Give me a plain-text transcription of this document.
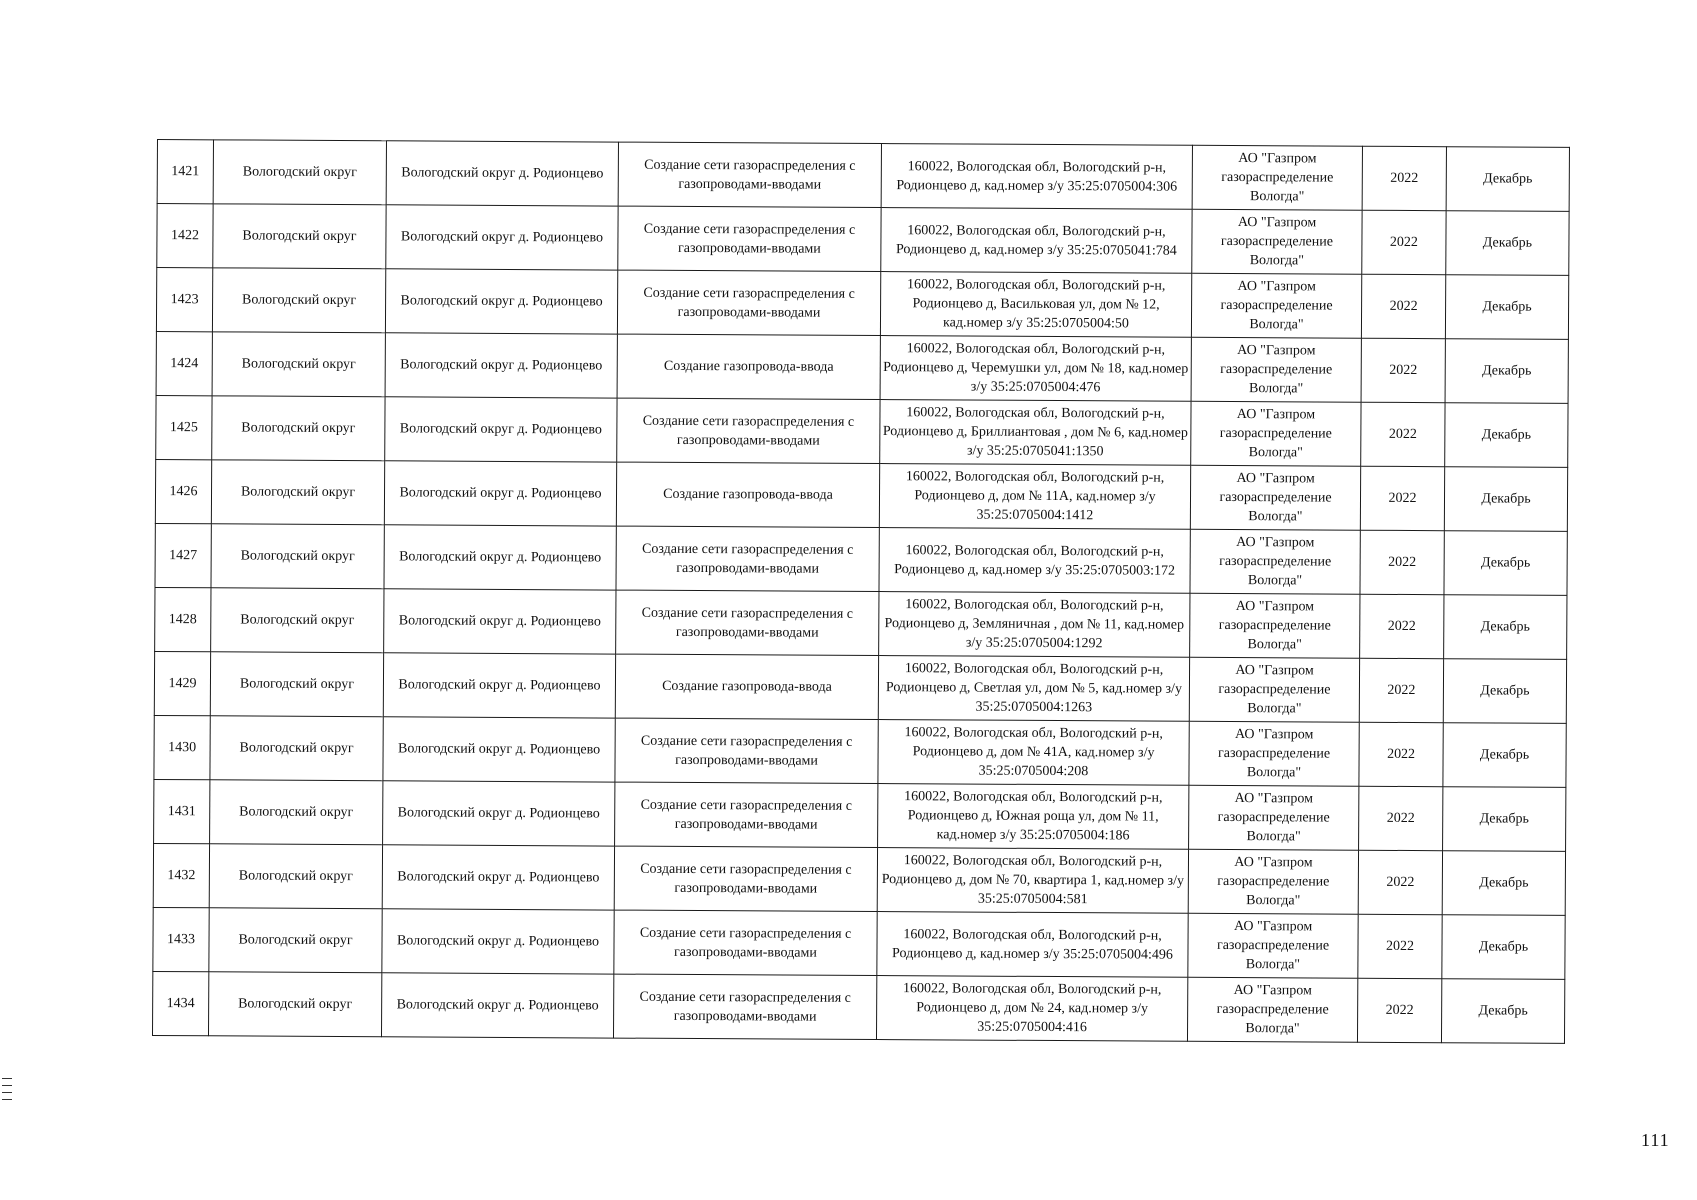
1421	Вологодский округ	Вологодский округ д. Родионцево	Создание сети газораспределения с газопроводами-вводами	160022, Вологодская обл, Вологодский р-н, Родионцево д, кад.номер з/у 35:25:0705004:306	АО "Газпром газораспределение Вологда"	2022	Декабрь
1422	Вологодский округ	Вологодский округ д. Родионцево	Создание сети газораспределения с газопроводами-вводами	160022, Вологодская обл, Вологодский р-н, Родионцево д, кад.номер з/у 35:25:0705041:784	АО "Газпром газораспределение Вологда"	2022	Декабрь
1423	Вологодский округ	Вологодский округ д. Родионцево	Создание сети газораспределения с газопроводами-вводами	160022, Вологодская обл, Вологодский р-н, Родионцево д, Васильковая ул, дом № 12, кад.номер з/у 35:25:0705004:50	АО "Газпром газораспределение Вологда"	2022	Декабрь
1424	Вологодский округ	Вологодский округ д. Родионцево	Создание газопровода-ввода	160022, Вологодская обл, Вологодский р-н, Родионцево д, Черемушки ул, дом № 18, кад.номер з/у 35:25:0705004:476	АО "Газпром газораспределение Вологда"	2022	Декабрь
1425	Вологодский округ	Вологодский округ д. Родионцево	Создание сети газораспределения с газопроводами-вводами	160022, Вологодская обл, Вологодский р-н, Родионцево д, Бриллиантовая , дом № 6, кад.номер з/у 35:25:0705041:1350	АО "Газпром газораспределение Вологда"	2022	Декабрь
1426	Вологодский округ	Вологодский округ д. Родионцево	Создание газопровода-ввода	160022, Вологодская обл, Вологодский р-н, Родионцево д, дом № 11А, кад.номер з/у 35:25:0705004:1412	АО "Газпром газораспределение Вологда"	2022	Декабрь
1427	Вологодский округ	Вологодский округ д. Родионцево	Создание сети газораспределения с газопроводами-вводами	160022, Вологодская обл, Вологодский р-н, Родионцево д, кад.номер з/у 35:25:0705003:172	АО "Газпром газораспределение Вологда"	2022	Декабрь
1428	Вологодский округ	Вологодский округ д. Родионцево	Создание сети газораспределения с газопроводами-вводами	160022, Вологодская обл, Вологодский р-н, Родионцево д, Земляничная , дом № 11, кад.номер з/у 35:25:0705004:1292	АО "Газпром газораспределение Вологда"	2022	Декабрь
1429	Вологодский округ	Вологодский округ д. Родионцево	Создание газопровода-ввода	160022, Вологодская обл, Вологодский р-н, Родионцево д, Светлая ул, дом № 5, кад.номер з/у 35:25:0705004:1263	АО "Газпром газораспределение Вологда"	2022	Декабрь
1430	Вологодский округ	Вологодский округ д. Родионцево	Создание сети газораспределения с газопроводами-вводами	160022, Вологодская обл, Вологодский р-н, Родионцево д, дом № 41А, кад.номер з/у 35:25:0705004:208	АО "Газпром газораспределение Вологда"	2022	Декабрь
1431	Вологодский округ	Вологодский округ д. Родионцево	Создание сети газораспределения с газопроводами-вводами	160022, Вологодская обл, Вологодский р-н, Родионцево д, Южная роща ул, дом № 11, кад.номер з/у 35:25:0705004:186	АО "Газпром газораспределение Вологда"	2022	Декабрь
1432	Вологодский округ	Вологодский округ д. Родионцево	Создание сети газораспределения с газопроводами-вводами	160022, Вологодская обл, Вологодский р-н, Родионцево д, дом № 70, квартира 1, кад.номер з/у 35:25:0705004:581	АО "Газпром газораспределение Вологда"	2022	Декабрь
1433	Вологодский округ	Вологодский округ д. Родионцево	Создание сети газораспределения с газопроводами-вводами	160022, Вологодская обл, Вологодский р-н, Родионцево д, кад.номер з/у 35:25:0705004:496	АО "Газпром газораспределение Вологда"	2022	Декабрь
1434	Вологодский округ	Вологодский округ д. Родионцево	Создание сети газораспределения с газопроводами-вводами	160022, Вологодская обл, Вологодский р-н, Родионцево д, дом № 24, кад.номер з/у 35:25:0705004:416	АО "Газпром газораспределение Вологда"	2022	Декабрь
111
